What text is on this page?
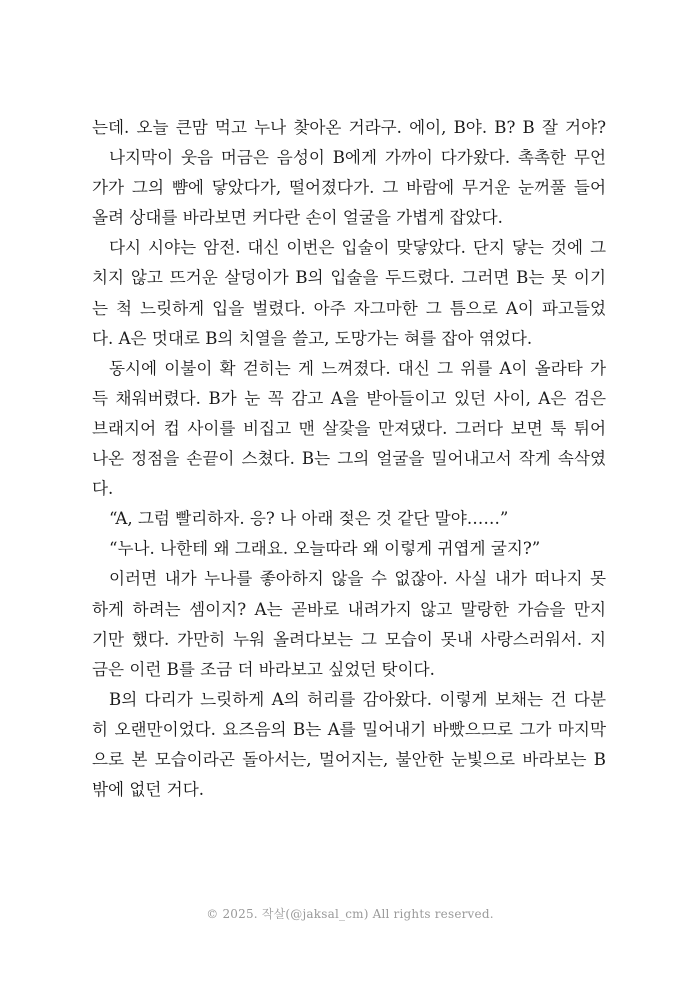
는데. 오늘 큰맘 먹고 누나 찾아온 거라구. 에이, B야. B? B 잘 거야?
나지막이 웃음 머금은 음성이 B에게 가까이 다가왔다. 촉촉한 무언
가가 그의 뺨에 닿았다가, 떨어졌다가. 그 바람에 무거운 눈꺼풀 들어
올려 상대를 바라보면 커다란 손이 얼굴을 가볍게 잡았다.
다시 시야는 암전. 대신 이번은 입술이 맞닿았다. 단지 닿는 것에 그
치지 않고 뜨거운 살덩이가 B의 입술을 두드렸다. 그러면 B는 못 이기
는 척 느릿하게 입을 벌렸다. 아주 자그마한 그 틈으로 A이 파고들었
다. A은 멋대로 B의 치열을 쓸고, 도망가는 혀를 잡아 엮었다.
동시에 이불이 확 걷히는 게 느껴졌다. 대신 그 위를 A이 올라타 가
득 채워버렸다. B가 눈 꼭 감고 A을 받아들이고 있던 사이, A은 검은
브래지어 컵 사이를 비집고 맨 살갗을 만져댔다. 그러다 보면 툭 튀어
나온 정점을 손끝이 스쳤다. B는 그의 얼굴을 밀어내고서 작게 속삭였
다.
“A, 그럼 빨리하자. 응? 나 아래 젖은 것 같단 말야……”
“누나. 나한테 왜 그래요. 오늘따라 왜 이렇게 귀엽게 굴지?”
이러면 내가 누나를 좋아하지 않을 수 없잖아. 사실 내가 떠나지 못
하게 하려는 셈이지? A는 곧바로 내려가지 않고 말랑한 가슴을 만지
기만 했다. 가만히 누워 올려다보는 그 모습이 못내 사랑스러워서. 지
금은 이런 B를 조금 더 바라보고 싶었던 탓이다.
B의 다리가 느릿하게 A의 허리를 감아왔다. 이렇게 보채는 건 다분
히 오랜만이었다. 요즈음의 B는 A를 밀어내기 바빴으므로 그가 마지막
으로 본 모습이라곤 돌아서는, 멀어지는, 불안한 눈빛으로 바라보는 B
밖에 없던 거다.
© 2025. 작살(@jaksal_cm) All rights reserved.
